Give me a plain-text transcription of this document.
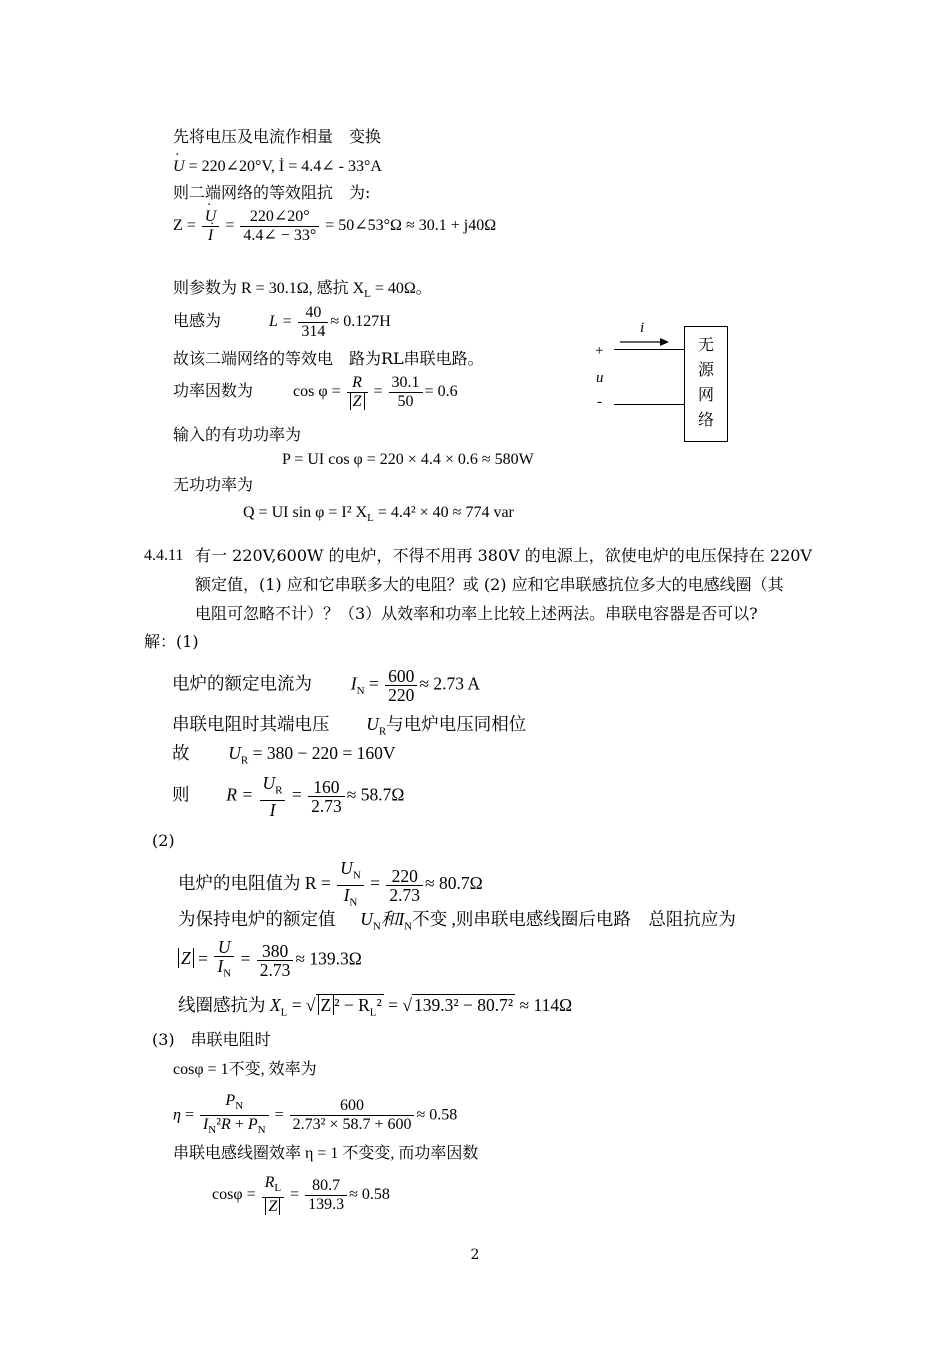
先将电压及电流作相量　变换
· U = 220∠20°V, İ = 4.4∠ - 33°A
则二端网络的等效阻抗　为:
Z =
· U
· $I = \frac{220\angle 20^\circ}{4.4\angle - 33^\circ}$ = 50∠53°Ω ≈ 30.1 + j40Ω
则参数为 R = 30.1Ω, 感抗 $X_L = 40\Omega$。
电感为	$L = \frac{40}{314} \approx 0.127H$
故该二端网络的等效电　路为RL串联电路。
功率因数为	$\cos \varphi = \frac{R}{Z} = \frac{30.1}{50} = 0.6$
输入的有功功率为
P = UI cos φ = 220 × 4.4 × 0.6 ≈ 580W
无功功率为
Q = UI sin φ = I² $X_L = 4.4^2 \times 40 \approx 774$ var
无源网络
i
+
u
-
4.4.11 有一 220V,600W 的电炉，不得不用再 380V 的电源上，欲使电炉的电压保持在 220V
额定值，(1) 应和它串联多大的电阻？或 (2) 应和它串联感抗位多大的电感线圈（其
电阻可忽略不计）？（3）从效率和功率上比较上述两法。串联电容器是否可以?
解：(1)
电炉的额定电流为 $I_N = \frac{600}{220} \approx 2.73$ A
串联电阻时其端电压 $U_R$与电炉电压同相位
故 $U_R = 380 - 220 = 160V$
则 $R = \frac{U_R}{I} = \frac{160}{2.73} \approx 58.7\Omega$
(2)
电炉的电阻值为 $R = \frac{U_N}{I_N} = \frac{220}{2.73} \approx 80.7\Omega$
为保持电炉的额定值 $U_N$和$I_N$不变 ,则串联电感线圈后电路　总阻抗应为
$Z = \frac{U}{I_N} = \frac{380}{2.73} \approx 139.3\Omega$
线圈感抗为 $X_L$ = √ Z $^2 - R_L^2$ = √ 139.3² − 80.7² ≈ 114Ω
(3)　串联电阻时
cosφ = 1不变, 效率为
$\eta = \frac{P_N}{I_N^2R + P_N} = \frac{600}{\text{2.73² × 58.7 + 600}} \approx 0.58$
串联电感线圈效率 η = 1 不变变, 而功率因数
$\cos\varphi = \frac{R_L}{Z} = \frac{80.7}{139.3} \approx 0.58$
2
